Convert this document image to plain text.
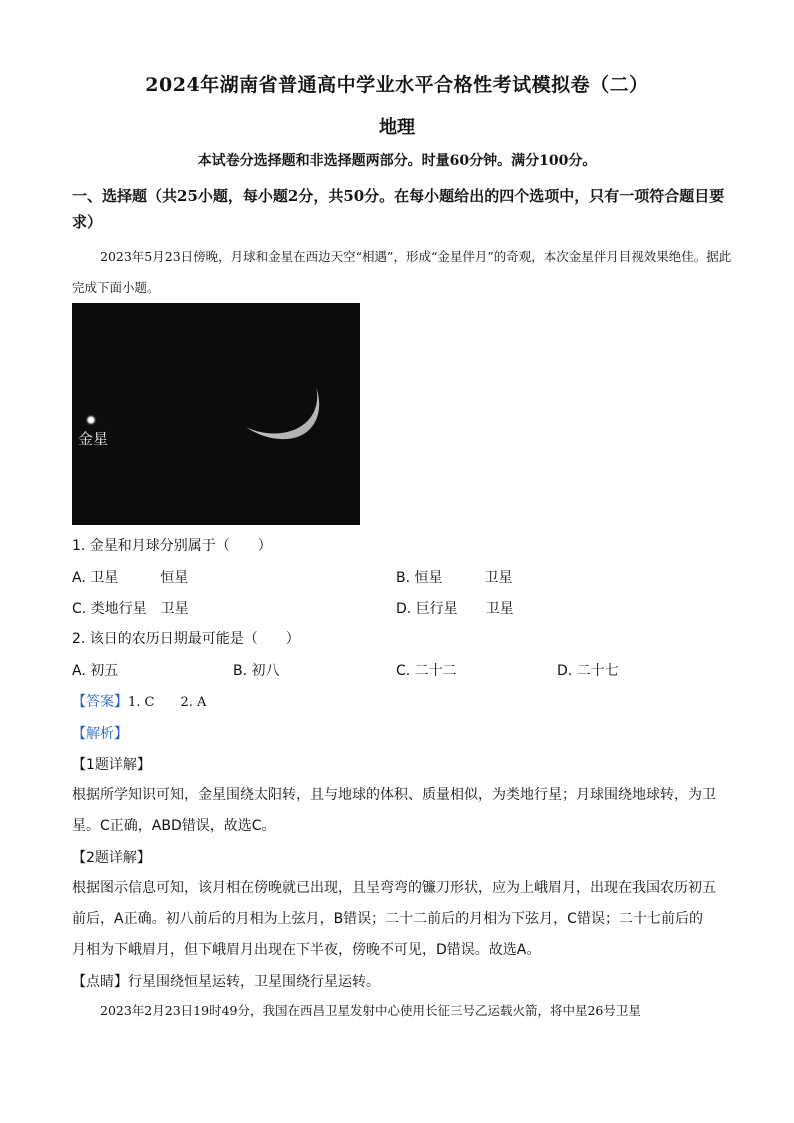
2024年湖南省普通高中学业水平合格性考试模拟卷（二）
地理
本试卷分选择题和非选择题两部分。时量60分钟。满分100分。
一、选择题（共25小题，每小题2分，共50分。在每小题给出的四个选项中，只有一项符合题目要求）
2023年5月23日傍晚，月球和金星在西边天空“相遇”，形成“金星伴月”的奇观，本次金星伴月目视效果绝佳。据此完成下面小题。
金星
1. 金星和月球分别属于（　　）
A. 卫星　　　恒星	B. 恒星　　　卫星
C. 类地行星　卫星	D. 巨行星　　卫星
2. 该日的农历日期最可能是（　　）
A. 初五	B. 初八	C. 二十二	D. 二十七
【答案】1. C　　2. A
【解析】
【1题详解】
根据所学知识可知，金星围绕太阳转，且与地球的体积、质量相似，为类地行星；月球围绕地球转，为卫
星。C正确，ABD错误，故选C。
【2题详解】
根据图示信息可知，该月相在傍晚就已出现，且呈弯弯的镰刀形状，应为上峨眉月，出现在我国农历初五
前后，A正确。初八前后的月相为上弦月，B错误；二十二前后的月相为下弦月，C错误；二十七前后的
月相为下峨眉月，但下峨眉月出现在下半夜，傍晚不可见，D错误。故选A。
【点睛】行星围绕恒星运转，卫星围绕行星运转。
2023年2月23日19时49分，我国在西昌卫星发射中心使用长征三号乙运载火箭，将中星26号卫星
